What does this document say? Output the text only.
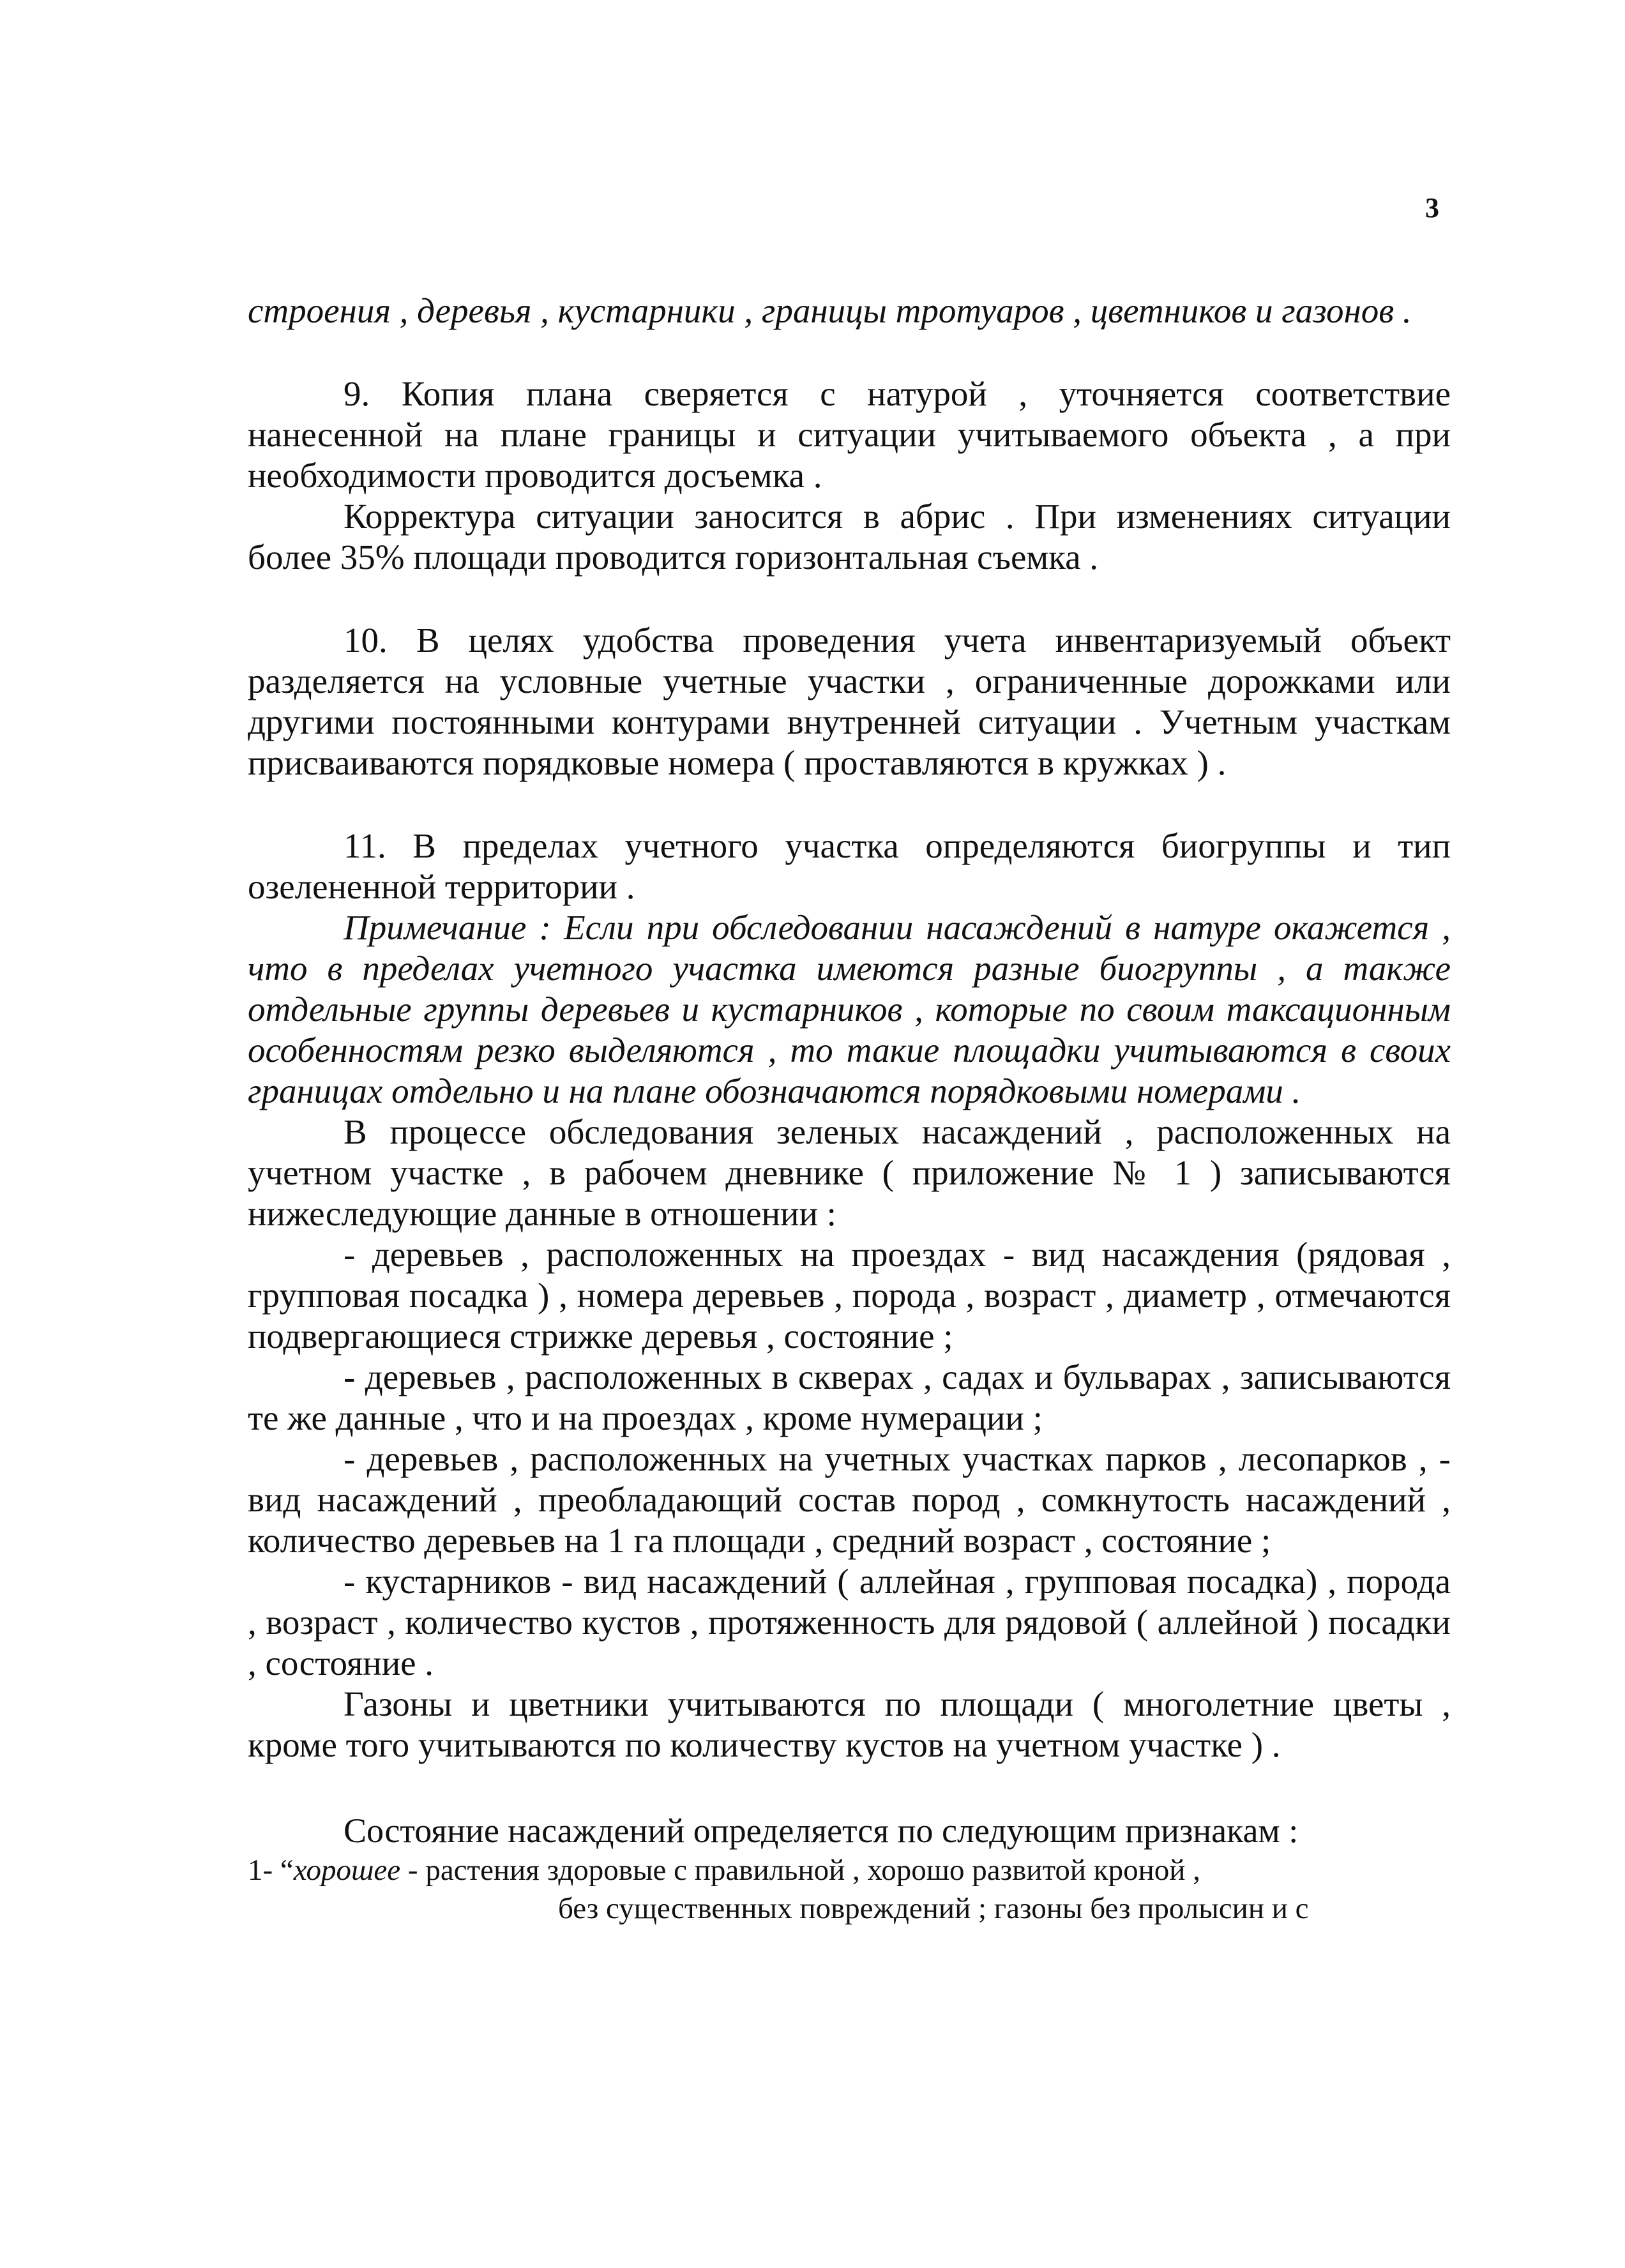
3

строения , деревья , кустарники , границы тротуаров , цветников и газонов .

9. Копия плана сверяется с натурой , уточняется соответствие нанесенной на плане границы и ситуации учитываемого объекта , а при необходимости проводится досъемка .

Корректура ситуации заносится в абрис . При изменениях ситуации более 35% площади проводится горизонтальная съемка .

10. В целях удобства проведения учета инвентаризуемый объект разделяется на условные учетные участки , ограниченные дорожками или другими постоянными контурами внутренней ситуации . Учетным участкам присваиваются порядковые номера ( проставляются в кружках ) .

11. В пределах учетного участка определяются биогруппы и тип озелененной территории .

Примечание : Если при обследовании насаждений в натуре окажется , что в пределах учетного участка имеются разные биогруппы , а также отдельные группы деревьев и кустарников , которые по своим таксационным особенностям резко выделяются , то такие площадки учитываются в своих границах отдельно и на плане обозначаются порядковыми номерами .

В процессе обследования зеленых насаждений , расположенных на учетном участке , в рабочем дневнике ( приложение № 1 ) записываются нижеследующие данные в отношении :

- деревьев , расположенных на проездах - вид насаждения (рядовая , групповая посадка ) , номера деревьев , порода , возраст , диаметр , отмечаются подвергающиеся стрижке деревья , состояние ;

- деревьев , расположенных в скверах , садах и бульварах , записываются те же данные , что и на проездах , кроме нумерации ;

- деревьев , расположенных на учетных участках парков , лесопарков , - вид насаждений , преобладающий состав пород , сомкнутость насаждений , количество деревьев на 1 га площади , средний возраст , состояние ;

- кустарников - вид насаждений ( аллейная , групповая посадка) , порода , возраст , количество кустов , протяженность для рядовой ( аллейной ) посадки , состояние .

Газоны и цветники учитываются по площади ( многолетние цветы , кроме того учитываются по количеству кустов на учетном участке ) .

Состояние насаждений определяется по следующим признакам :

1- “хорошее - растения здоровые с правильной , хорошо развитой кроной ,
без существенных повреждений ; газоны без пролысин и с
